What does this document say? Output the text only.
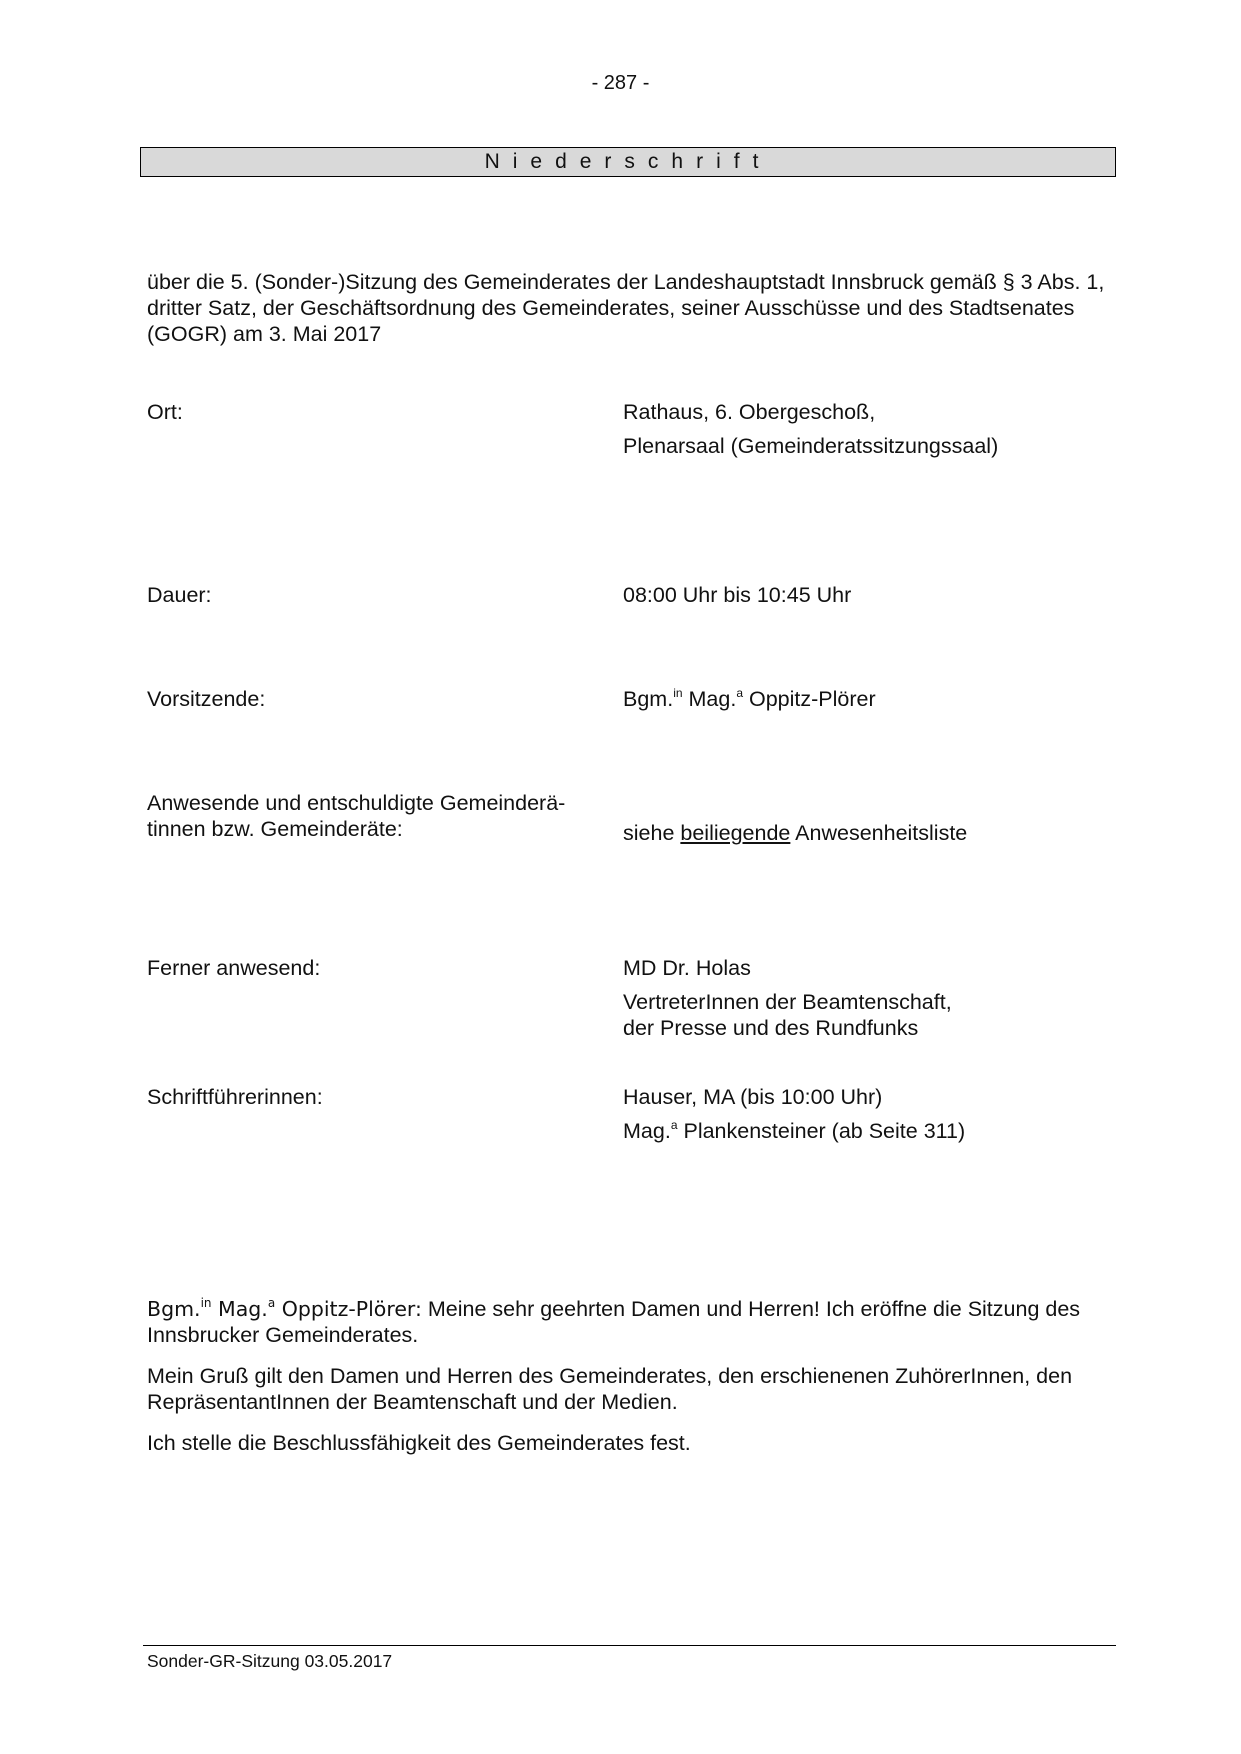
- 287 -
Niederschrift
über die 5. (Sonder-)Sitzung des Gemeinderates der Landeshauptstadt Innsbruck gemäß § 3 Abs. 1, dritter Satz, der Geschäftsordnung des Gemeinderates, seiner Ausschüsse und des Stadtsenates (GOGR) am 3. Mai 2017
Ort:	Rathaus, 6. Obergeschoß,
Plenarsaal (Gemeinderatssitzungssaal)
Dauer:	08:00 Uhr bis 10:45 Uhr
Vorsitzende:	Bgm.$^{in}$ Mag.$^a$ Oppitz-Plörer
Anwesende und entschuldigte Gemeinderä-
tinnen bzw. Gemeinderäte:	siehe beiliegende Anwesenheitsliste
Ferner anwesend:	MD Dr. Holas
VertreterInnen der Beamtenschaft,
der Presse und des Rundfunks
Schriftführerinnen:	Hauser, MA (bis 10:00 Uhr)
Mag.$^a$ Plankensteiner (ab Seite 311)
Bgm.$^{in}$ Mag.$^a$ Oppitz-Plörer: Meine sehr geehrten Damen und Herren! Ich eröffne die Sitzung des Innsbrucker Gemeinderates.
Mein Gruß gilt den Damen und Herren des Gemeinderates, den erschienenen ZuhörerInnen, den RepräsentantInnen der Beamtenschaft und der Medien.
Ich stelle die Beschlussfähigkeit des Gemeinderates fest.
Sonder-GR-Sitzung 03.05.2017
